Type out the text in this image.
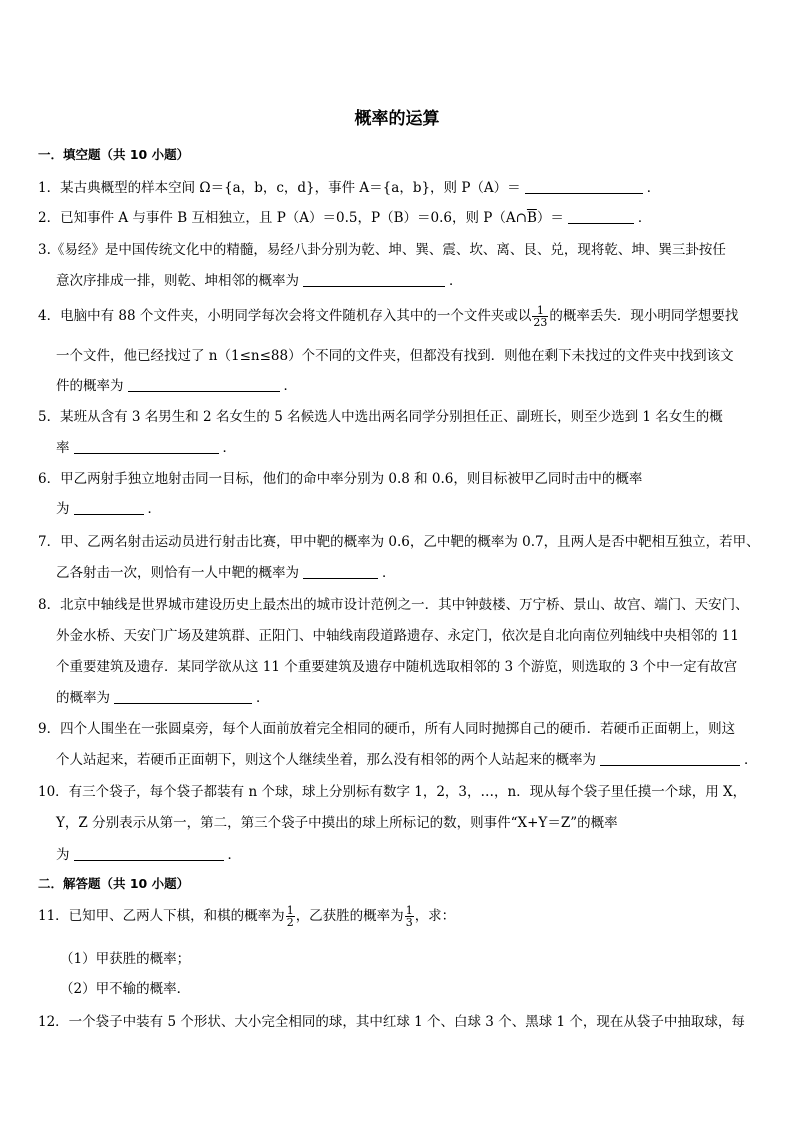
概率的运算
一．填空题（共 10 小题）
1．某古典概型的样本空间 Ω＝{a，b，c，d}，事件 A＝{a，b}，则 P（A）＝	．
2．已知事件 A 与事件 B 互相独立，且 P（A）＝0.5，P（B）＝0.6，则 $P(A\cap\overline{B})=$	．
3.《易经》是中国传统文化中的精髓，易经八卦分别为乾、坤、巽、震、坎、离、艮、兑，现将乾、坤、巽三卦按任
意次序排成一排，则乾、坤相邻的概率为	．
4．电脑中有 88 个文件夹，小明同学每次会将文件随机存入其中的一个文件夹或以 $\frac{1}{23}$ 的概率丢失．现小明同学想要找
一个文件，他已经找过了 n（1≤n≤88）个不同的文件夹，但都没有找到．则他在剩下未找过的文件夹中找到该文
件的概率为	．
5．某班从含有 3 名男生和 2 名女生的 5 名候选人中选出两名同学分别担任正、副班长，则至少选到 1 名女生的概
率	．
6．甲乙两射手独立地射击同一目标，他们的命中率分别为 0.8 和 0.6，则目标被甲乙同时击中的概率
为	．
7．甲、乙两名射击运动员进行射击比赛，甲中靶的概率为 0.6，乙中靶的概率为 0.7，且两人是否中靶相互独立，若甲、
乙各射击一次，则恰有一人中靶的概率为	．
8．北京中轴线是世界城市建设历史上最杰出的城市设计范例之一．其中钟鼓楼、万宁桥、景山、故宫、端门、天安门、
外金水桥、天安门广场及建筑群、正阳门、中轴线南段道路遗存、永定门，依次是自北向南位列轴线中央相邻的 11
个重要建筑及遗存．某同学欲从这 11 个重要建筑及遗存中随机选取相邻的 3 个游览，则选取的 3 个中一定有故宫
的概率为	．
9．四个人围坐在一张圆桌旁，每个人面前放着完全相同的硬币，所有人同时抛掷自己的硬币．若硬币正面朝上，则这
个人站起来，若硬币正面朝下，则这个人继续坐着，那么没有相邻的两个人站起来的概率为	．
10．有三个袋子，每个袋子都装有 n 个球，球上分别标有数字 1，2，3，…，n．现从每个袋子里任摸一个球，用 X，
Y，Z 分别表示从第一，第二，第三个袋子中摸出的球上所标记的数，则事件“X+Y＝Z”的概率
为	．
二．解答题（共 10 小题）
11．已知甲、乙两人下棋，和棋的概率为 $\frac{1}{2}$ ，乙获胜的概率为 $\frac{1}{3}$ ，求：
（1）甲获胜的概率；
（2）甲不输的概率．
12．一个袋子中装有 5 个形状、大小完全相同的球，其中红球 1 个、白球 3 个、黑球 1 个，现在从袋子中抽取球，每
